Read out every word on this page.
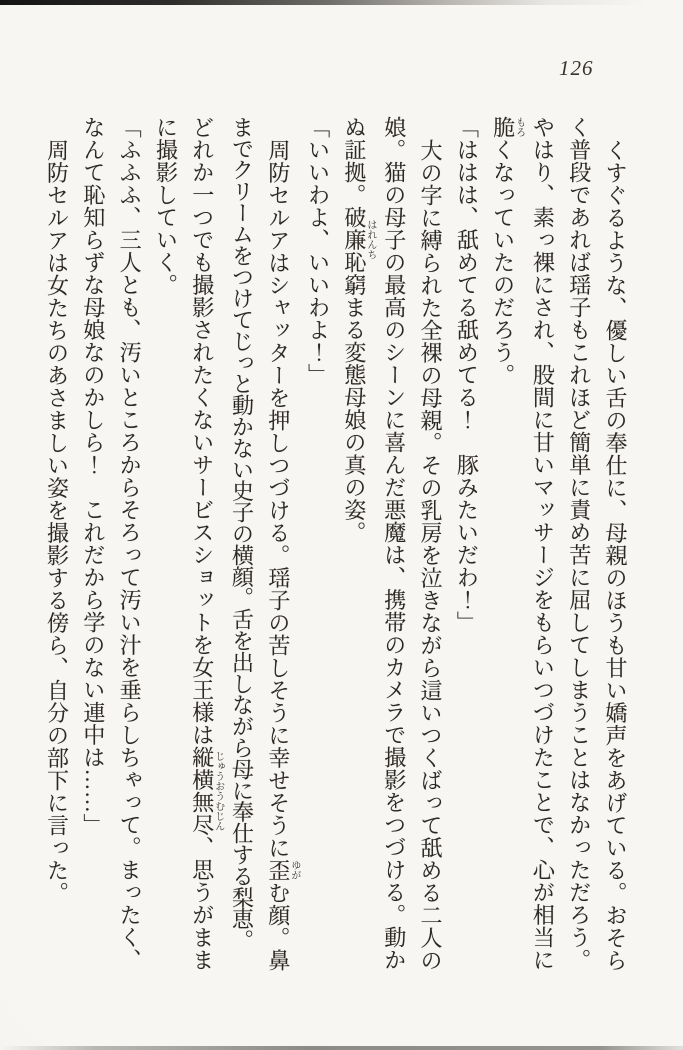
126
くすぐるような、優しい舌の奉仕に、母親のほうも甘い嬌声をあげている。おそら
く普段であれば瑶子もこれほど簡単に責め苦に屈してしまうことはなかっただろう。
やはり、素っ裸にされ、股間に甘いマッサージをもらいつづけたことで、心が相当に
脆もろくなっていたのだろう。
「ははは、舐めてる舐めてる！　豚みたいだわ！」
大の字に縛られた全裸の母親。その乳房を泣きながら這いつくばって舐める二人の
娘。猫の母子の最高のシーンに喜んだ悪魔は、携帯のカメラで撮影をつづける。動か
ぬ証拠。破廉恥はれんち窮まる変態母娘の真の姿。
「いいわよ、いいわよ！」
周防セルアはシャッターを押しつづける。瑶子の苦しそうに幸せそうに歪ゆがむ顔。鼻
までクリームをつけてじっと動かない史子の横顔。舌を出しながら母に奉仕する梨恵。
どれか一つでも撮影されたくないサービスショットを女王様は縦横無尽じゅうおうむじん、思うがまま
に撮影していく。
「ふふふ、三人とも、汚いところからそろって汚い汁を垂らしちゃって。まったく、
なんて恥知らずな母娘なのかしら！　これだから学のない連中は……」
周防セルアは女たちのあさましい姿を撮影する傍ら、自分の部下に言った。
